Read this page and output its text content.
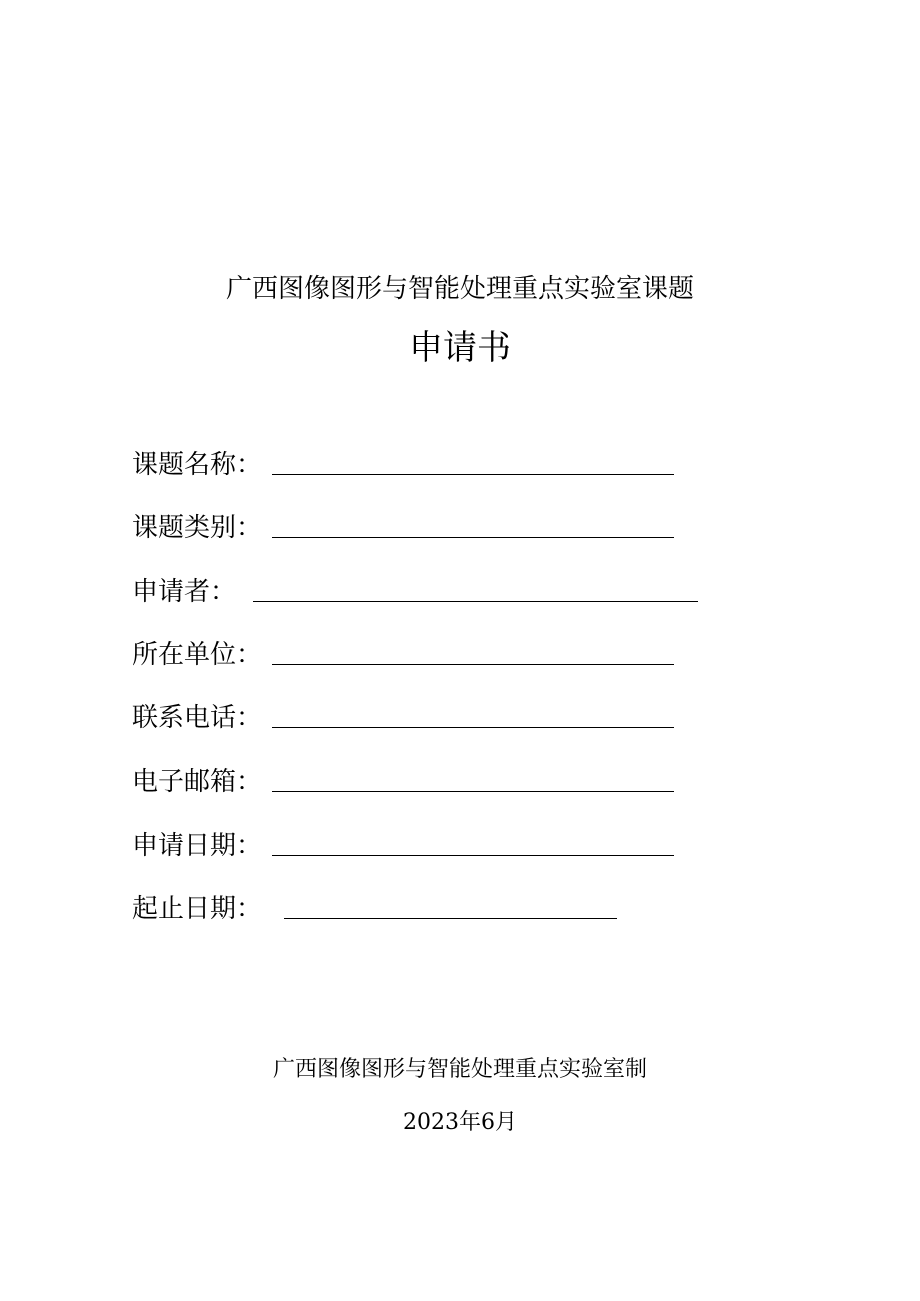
广西图像图形与智能处理重点实验室课题
申请书
课题名称：
课题类别：
申请者：
所在单位：
联系电话：
电子邮箱：
申请日期：
起止日期：
广西图像图形与智能处理重点实验室制
2023年6月
